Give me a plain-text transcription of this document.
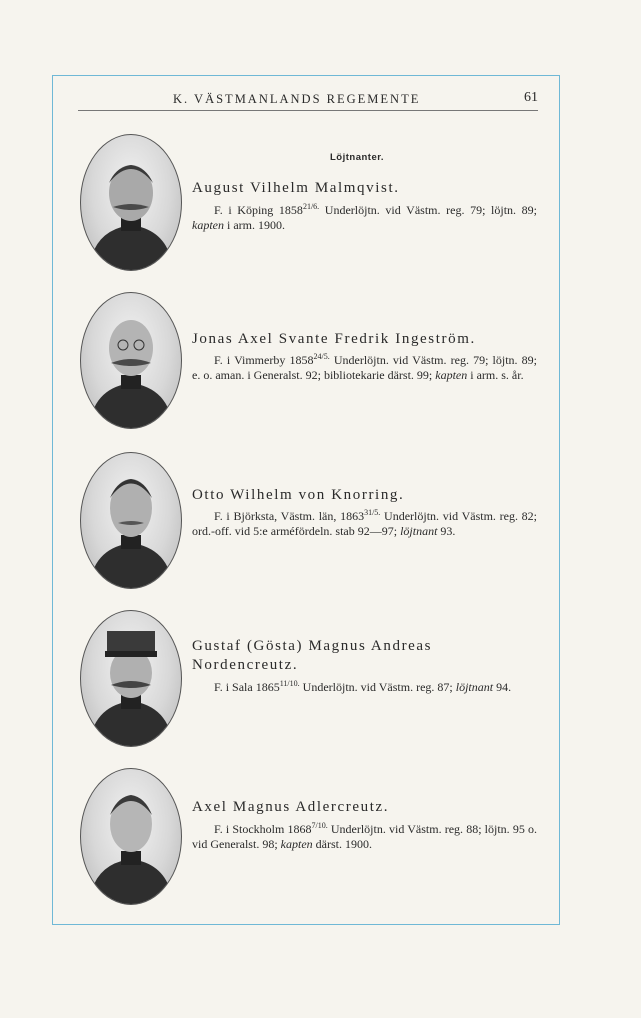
K. VÄSTMANLANDS REGEMENTE	61
Löjtnanter.
August Vilhelm Malmqvist.
F. i Köping $1858^{21/6.}$ Underlöjtn. vid Västm. reg. 79; löjtn. 89; kapten i arm. 1900.
Jonas Axel Svante Fredrik Ingeström.
F. i Vimmerby $1858^{24/5.}$ Underlöjtn. vid Västm. reg. 79; löjtn. 89; e. o. aman. i Generalst. 92; bibliotekarie därst. 99; kapten i arm. s. år.
Otto Wilhelm von Knorring.
F. i Björksta, Västm. län, $1863^{31/5.}$ Underlöjtn. vid Västm. reg. 82; ord.-off. vid 5:e arméfördeln. stab 92—97; löjtnant 93.
Gustaf (Gösta) Magnus Andreas Nordencreutz.
F. i Sala $1865^{11/10.}$ Underlöjtn. vid Västm. reg. 87; löjtnant 94.
Axel Magnus Adlercreutz.
F. i Stockholm $1868^{7/10.}$ Underlöjtn. vid Västm. reg. 88; löjtn. 95 o. vid Generalst. 98; kapten därst. 1900.
